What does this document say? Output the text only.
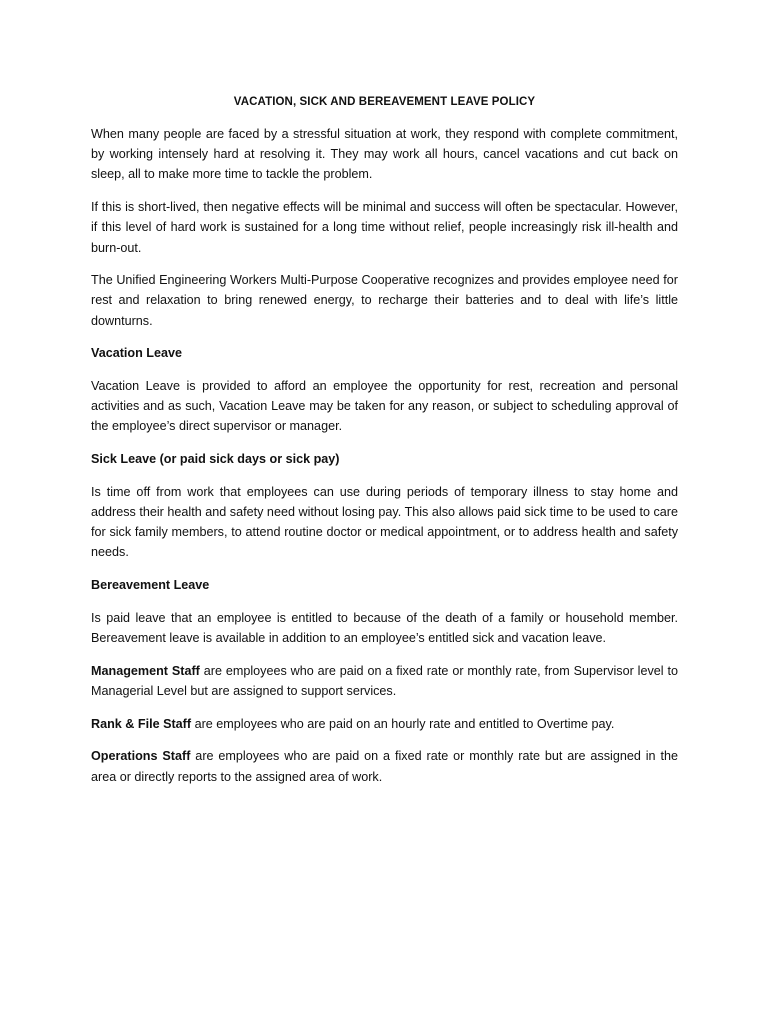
VACATION, SICK AND BEREAVEMENT LEAVE POLICY

When many people are faced by a stressful situation at work, they respond with complete commitment, by working intensely hard at resolving it. They may work all hours, cancel vacations and cut back on sleep, all to make more time to tackle the problem.

If this is short-lived, then negative effects will be minimal and success will often be spectacular. However, if this level of hard work is sustained for a long time without relief, people increasingly risk ill-health and burn-out.

The Unified Engineering Workers Multi-Purpose Cooperative recognizes and provides employee need for rest and relaxation to bring renewed energy, to recharge their batteries and to deal with life’s little downturns.

Vacation Leave

Vacation Leave is provided to afford an employee the opportunity for rest, recreation and personal activities and as such, Vacation Leave may be taken for any reason, or subject to scheduling approval of the employee’s direct supervisor or manager.

Sick Leave (or paid sick days or sick pay)

Is time off from work that employees can use during periods of temporary illness to stay home and address their health and safety need without losing pay. This also allows paid sick time to be used to care for sick family members, to attend routine doctor or medical appointment, or to address health and safety needs.

Bereavement Leave

Is paid leave that an employee is entitled to because of the death of a family or household member. Bereavement leave is available in addition to an employee’s entitled sick and vacation leave.

Management Staff are employees who are paid on a fixed rate or monthly rate, from Supervisor level to Managerial Level but are assigned to support services.

Rank & File Staff are employees who are paid on an hourly rate and entitled to Overtime pay.

Operations Staff are employees who are paid on a fixed rate or monthly rate but are assigned in the area or directly reports to the assigned area of work.
